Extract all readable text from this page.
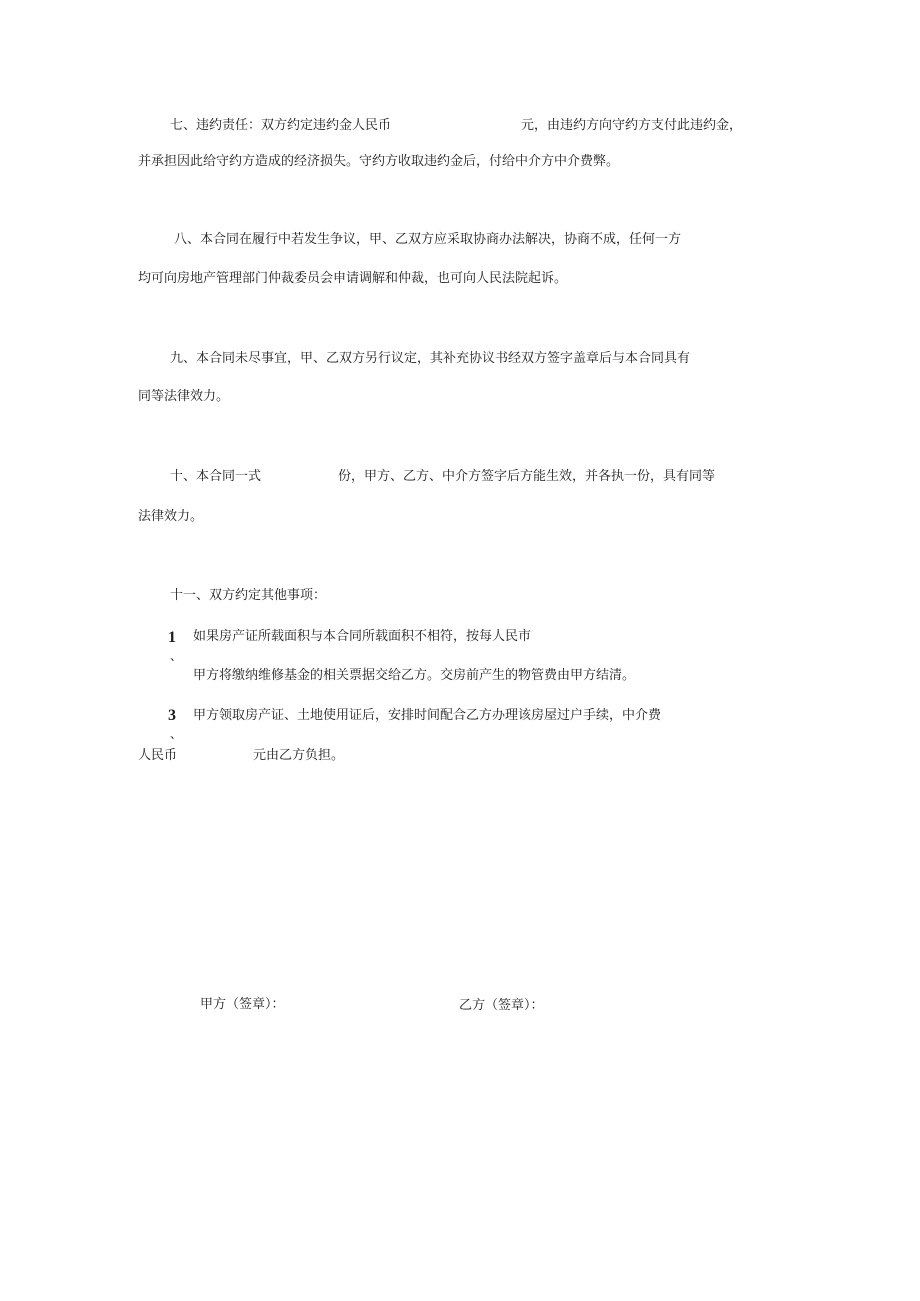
七、违约责任：双方约定违约金人民币	元，由违约方向守约方支付此违约金，
并承担因此给守约方造成的经济损失。守约方收取违约金后，付给中介方中介费弊。
八、本合同在履行中若发生争议，甲、乙双方应采取协商办法解决，协商不成，任何一方
均可向房地产管理部门仲裁委员会申请调解和仲裁，也可向人民法院起诉。
九、本合同未尽事宜，甲、乙双方另行议定，其补充协议书经双方签字盖章后与本合同具有
同等法律效力。
十、本合同一式	份，甲方、乙方、中介方签字后方能生效，并各执一份，具有同等
法律效力。
十一、双方约定其他事项：
1
、
如果房产证所载面积与本合同所载面积不相符，按每人民市
甲方将缴纳维修基金的相关票据交给乙方。交房前产生的物管费由甲方结清。
3
、
甲方领取房产证、土地使用证后，安排时间配合乙方办理该房屋过户手续，中介费
人民币	元由乙方负担。
甲方（签章）：	乙方（签章）：
